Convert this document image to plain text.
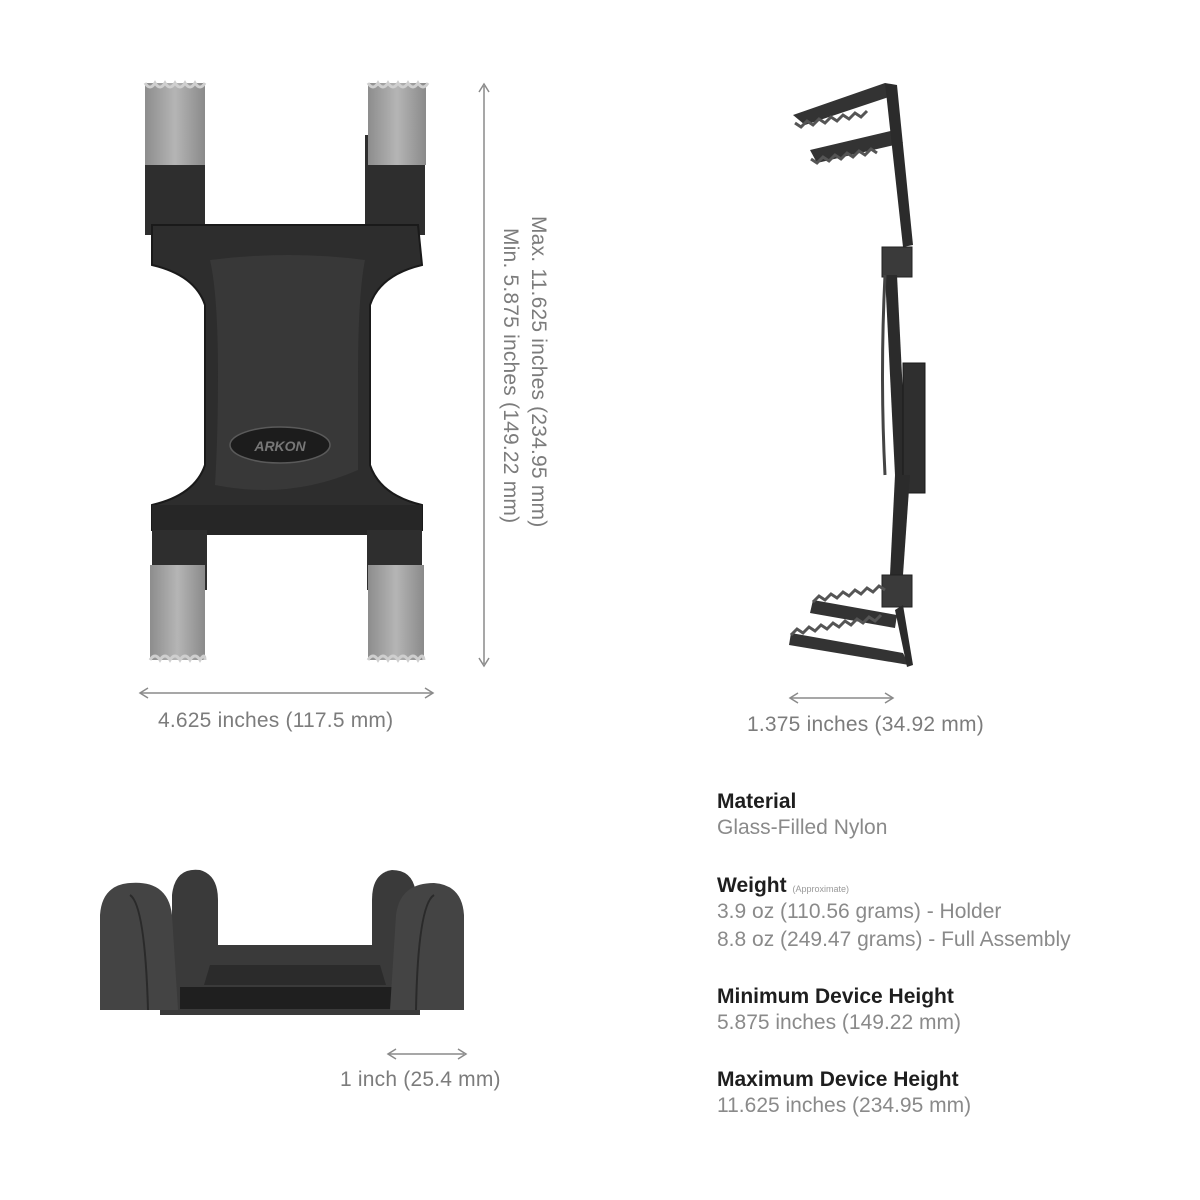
ARKON	Max. 11.625 inches (234.95 mm)
Min. 5.875 inches (149.22 mm)
4.625 inches (117.5 mm)	1.375 inches (34.92 mm)
1 inch (25.4 mm)
Material
Glass-Filled Nylon
Weight (Approximate)
3.9 oz (110.56 grams) - Holder
8.8 oz (249.47 grams) - Full Assembly
Minimum Device Height
5.875 inches (149.22 mm)
Maximum Device Height
11.625 inches (234.95 mm)
